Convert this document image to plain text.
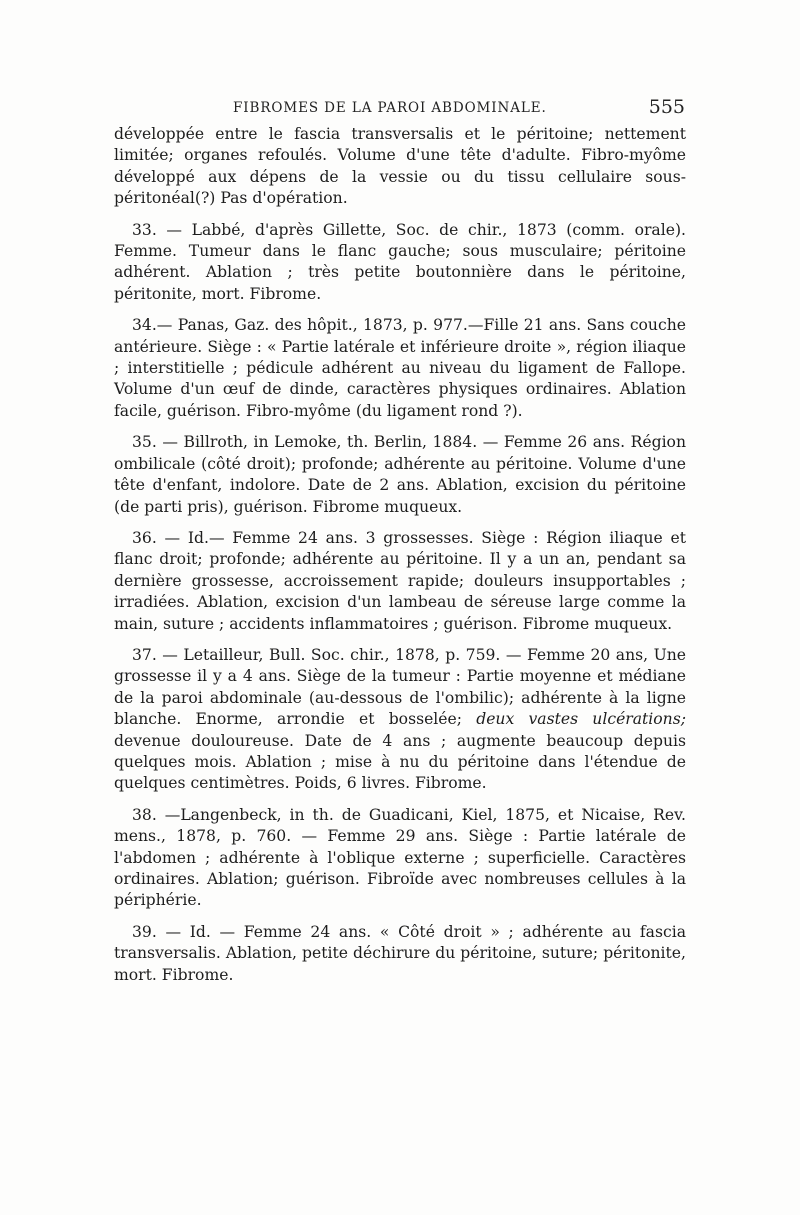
FIBROMES DE LA PAROI ABDOMINALE.	555

développée entre le fascia transversalis et le péritoine; nettement limitée; organes refoulés. Volume d'une tête d'adulte. Fibro-myôme développé aux dépens de la vessie ou du tissu cellulaire sous-péritonéal(?) Pas d'opération.

33. — Labbé, d'après Gillette, Soc. de chir., 1873 (comm. orale). Femme. Tumeur dans le flanc gauche; sous musculaire; péritoine adhérent. Ablation ; très petite boutonnière dans le péritoine, péritonite, mort. Fibrome.

34.— Panas, Gaz. des hôpit., 1873, p. 977.—Fille 21 ans. Sans couche antérieure. Siège : « Partie latérale et inférieure droite », région iliaque ; interstitielle ; pédicule adhérent au niveau du ligament de Fallope. Volume d'un œuf de dinde, caractères physiques ordinaires. Ablation facile, guérison. Fibro-myôme (du ligament rond ?).

35. — Billroth, in Lemoke, th. Berlin, 1884. — Femme 26 ans. Région ombilicale (côté droit); profonde; adhérente au péritoine. Volume d'une tête d'enfant, indolore. Date de 2 ans. Ablation, excision du péritoine (de parti pris), guérison. Fibrome muqueux.

36. — Id.— Femme 24 ans. 3 grossesses. Siège : Région iliaque et flanc droit; profonde; adhérente au péritoine. Il y a un an, pendant sa dernière grossesse, accroissement rapide; douleurs insupportables ; irradiées. Ablation, excision d'un lambeau de séreuse large comme la main, suture ; accidents inflammatoires ; guérison. Fibrome muqueux.

37. — Letailleur, Bull. Soc. chir., 1878, p. 759. — Femme 20 ans, Une grossesse il y a 4 ans. Siège de la tumeur : Partie moyenne et médiane de la paroi abdominale (au-dessous de l'ombilic); adhérente à la ligne blanche. Enorme, arrondie et bosselée; deux vastes ulcérations; devenue douloureuse. Date de 4 ans ; augmente beaucoup depuis quelques mois. Ablation ; mise à nu du péritoine dans l'étendue de quelques centimètres. Poids, 6 livres. Fibrome.

38. —Langenbeck, in th. de Guadicani, Kiel, 1875, et Nicaise, Rev. mens., 1878, p. 760. — Femme 29 ans. Siège : Partie latérale de l'abdomen ; adhérente à l'oblique externe ; superficielle. Caractères ordinaires. Ablation; guérison. Fibroïde avec nombreuses cellules à la périphérie.

39. — Id. — Femme 24 ans. « Côté droit » ; adhérente au fascia transversalis. Ablation, petite déchirure du péritoine, suture; péritonite, mort. Fibrome.
